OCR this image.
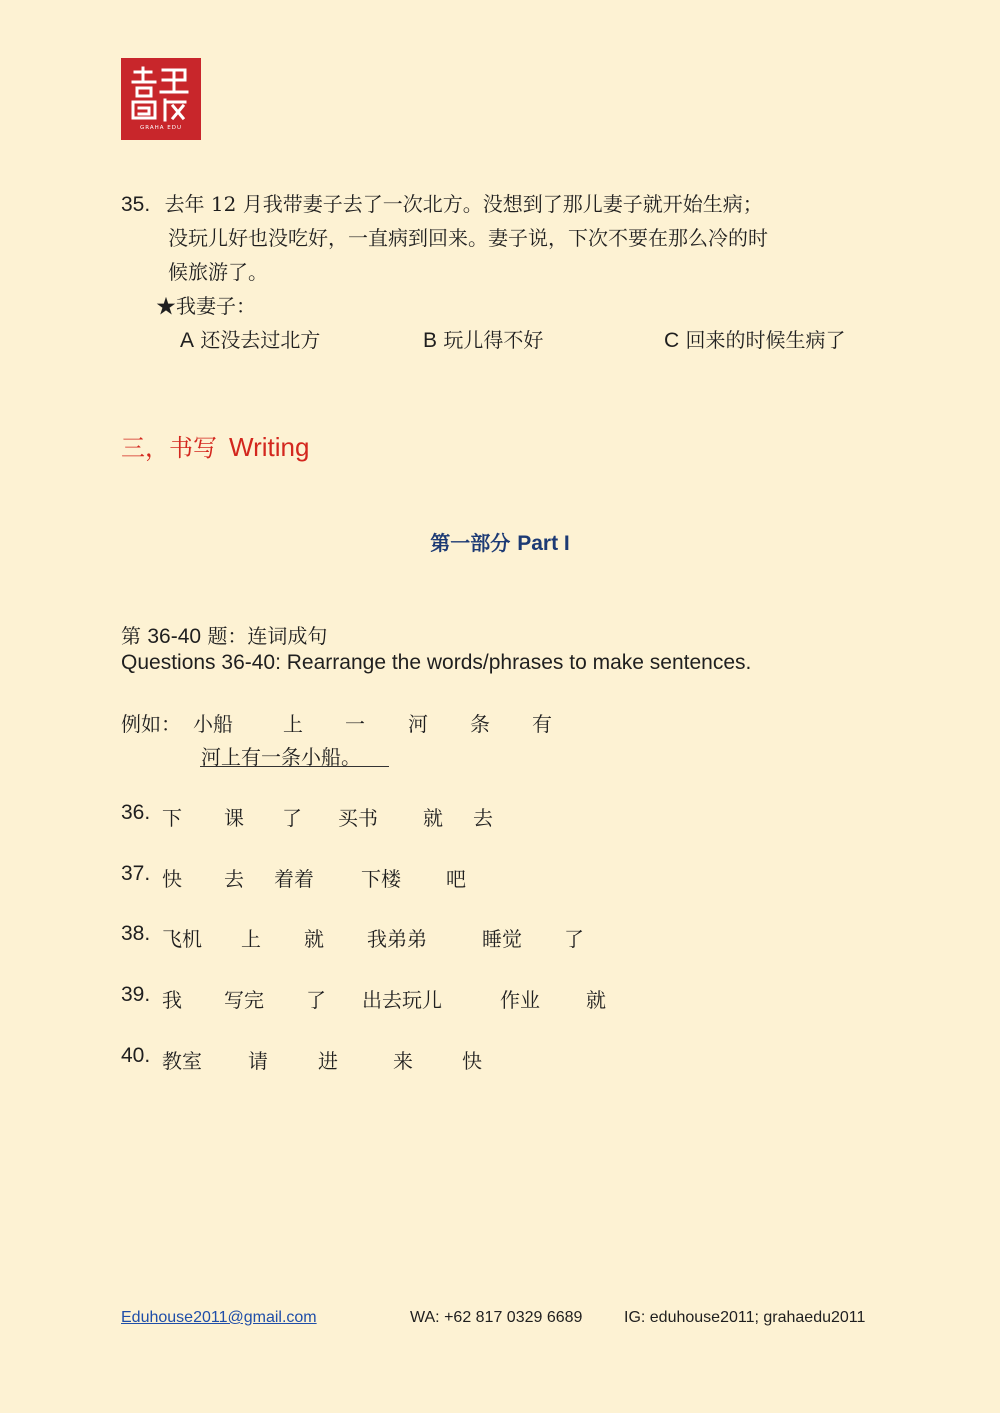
GRAHA EDU
35. 去年 12 月我带妻子去了一次北方。没想到了那儿妻子就开始生病；
没玩儿好也没吃好，一直病到回来。妻子说，下次不要在那么冷的时
候旅游了。
★我妻子：
A 还没去过北方	B 玩儿得不好	C 回来的时候生病了
三，书写 Writing
第一部分 Part I
第 36-40 题：连词成句
Questions 36-40: Rearrange the words/phrases to make sentences.
例如： 小船	上 一 河 条 有
河上有一条小船。
36. 下 课 了 买书 就 去
37. 快 去 着着 下楼 吧
38. 飞机 上 就 我弟弟	睡觉 了
39. 我 写完 了 出去玩儿	作业 就
40. 教室 请	进	来 快
Eduhouse2011@gmail.com	WA: +62 817 0329 6689	IG: eduhouse2011; grahaedu2011
